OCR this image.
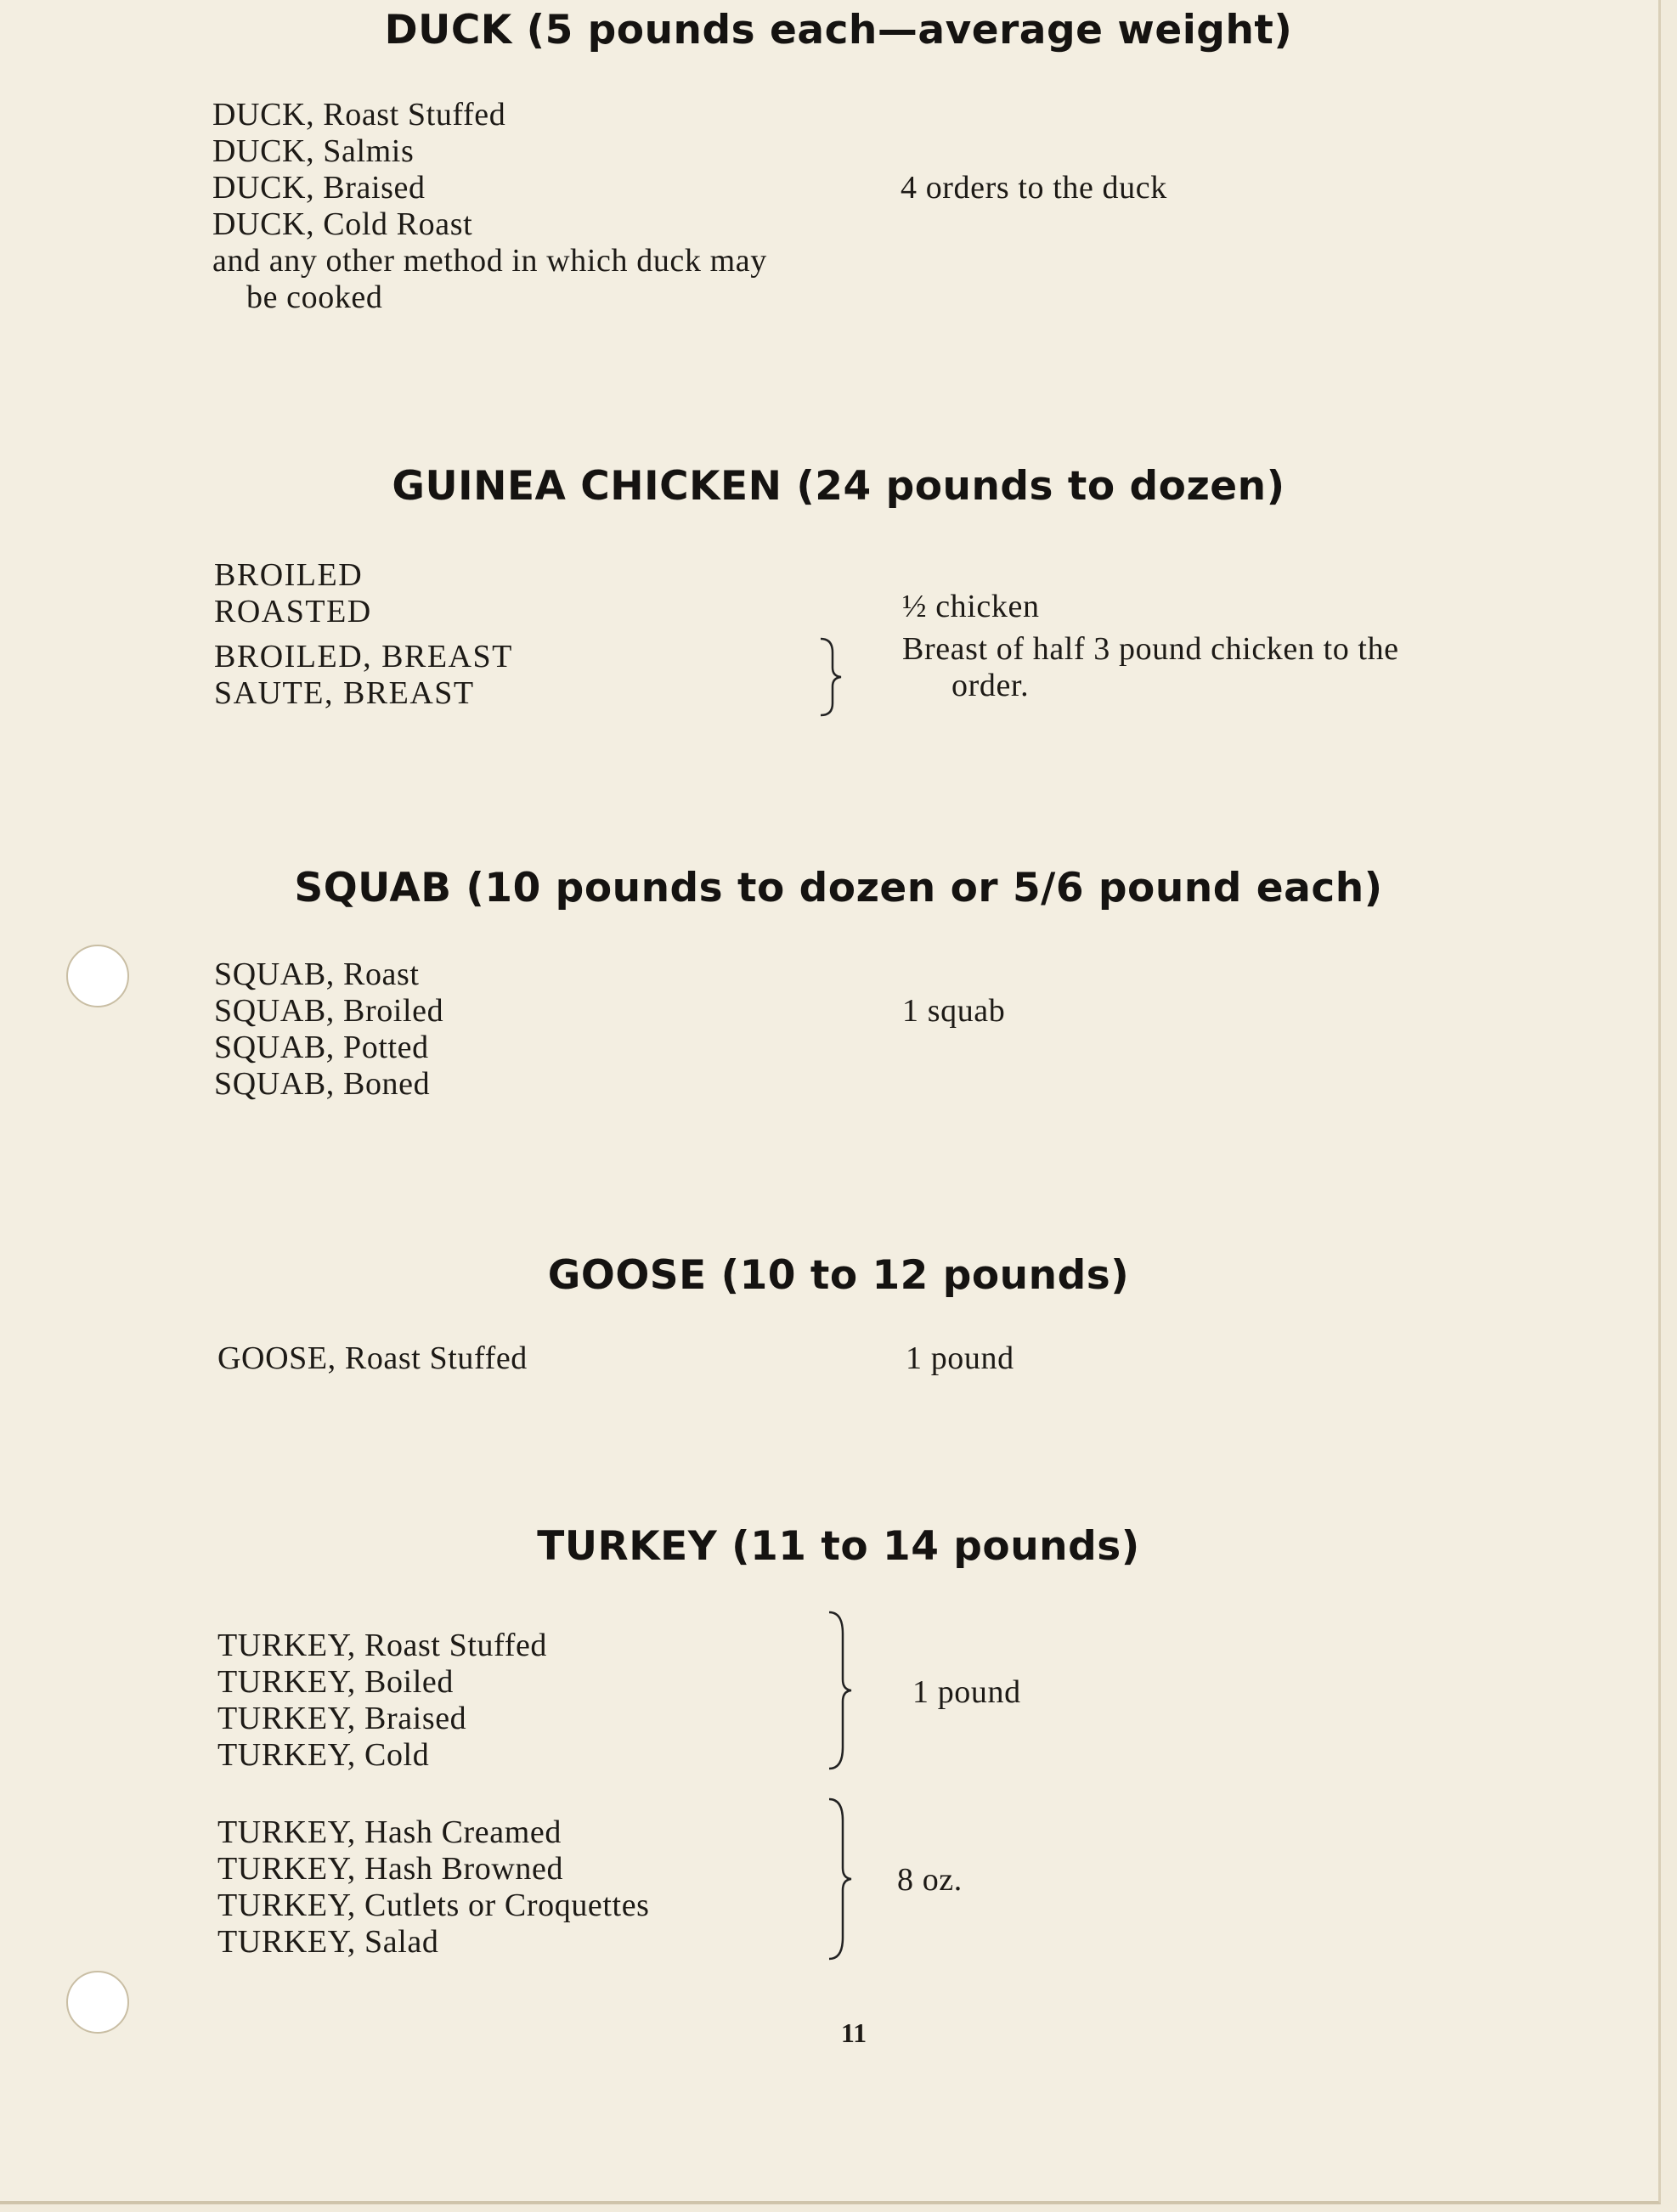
DUCK (5 pounds each—average weight)
DUCK, Roast Stuffed
DUCK, Salmis
DUCK, Braised
DUCK, Cold Roast
and any other method in which duck may
be cooked
4 orders to the duck
GUINEA CHICKEN (24 pounds to dozen)
BROILED
ROASTED
BROILED, BREAST
SAUTE, BREAST
½ chicken
Breast of half 3 pound chicken to the
order.
SQUAB (10 pounds to dozen or 5/6 pound each)
SQUAB, Roast
SQUAB, Broiled
SQUAB, Potted
SQUAB, Boned
1 squab
GOOSE (10 to 12 pounds)
GOOSE, Roast Stuffed	1 pound
TURKEY (11 to 14 pounds)
TURKEY, Roast Stuffed
TURKEY, Boiled
TURKEY, Braised
TURKEY, Cold
1 pound
TURKEY, Hash Creamed
TURKEY, Hash Browned
TURKEY, Cutlets or Croquettes
TURKEY, Salad
8 oz.
11
